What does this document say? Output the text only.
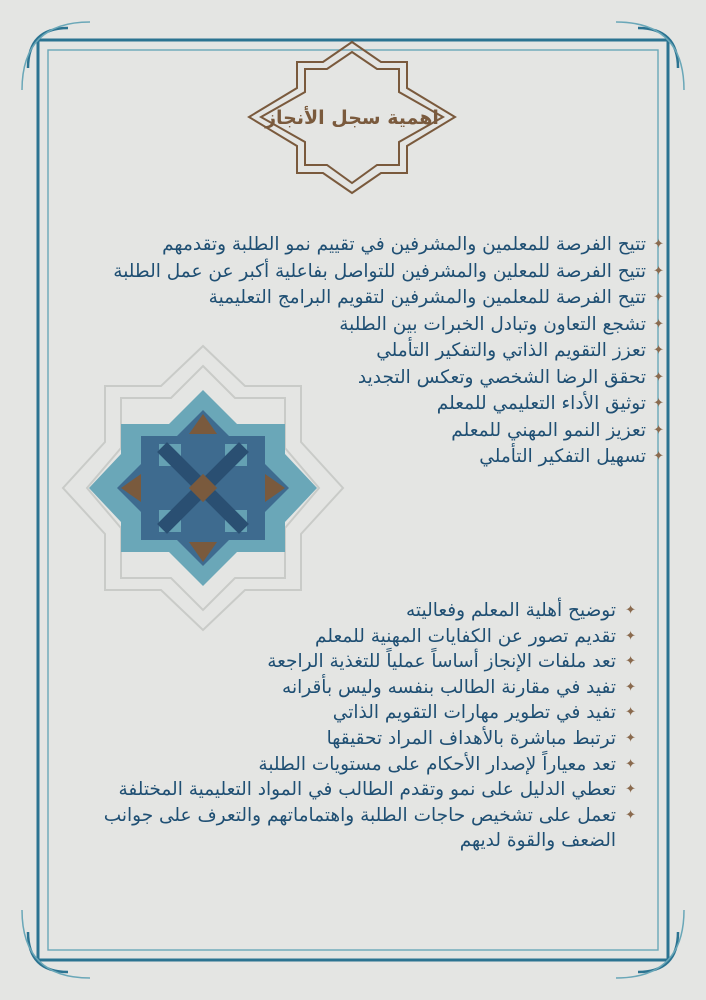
اهمية سجل الأنجاز
✦ تتيح الفرصة للمعلمين والمشرفين في تقييم نمو الطلبة وتقدمهم
✦ تتيح الفرصة للمعلين والمشرفين للتواصل بفاعلية أكبر عن عمل الطلبة
✦ تتيح الفرصة للمعلمين والمشرفين لتقويم البرامج التعليمية
✦ تشجع التعاون وتبادل الخبرات بين الطلبة
✦ تعزز التقويم الذاتي والتفكير التأملي
✦ تحقق الرضا الشخصي وتعكس التجديد
✦ توثيق الأداء التعليمي للمعلم
✦ تعزيز النمو المهني للمعلم
✦ تسهيل التفكير التأملي
✦ توضيح أهلية المعلم وفعاليته
✦ تقديم تصور عن الكفايات المهنية للمعلم
✦ تعد ملفات الإنجاز أساساً عملياً للتغذية الراجعة
✦ تفيد في مقارنة الطالب بنفسه وليس بأقرانه
✦ تفيد في تطوير مهارات التقويم الذاتي
✦ ترتبط مباشرة بالأهداف المراد تحقيقها
✦ تعد معياراً لإصدار الأحكام على مستويات الطلبة
✦ تعطي الدليل على نمو وتقدم الطالب في المواد التعليمية المختلفة
✦ تعمل على تشخيص حاجات الطلبة واهتماماتهم والتعرف على جوانب الضعف والقوة لديهم
